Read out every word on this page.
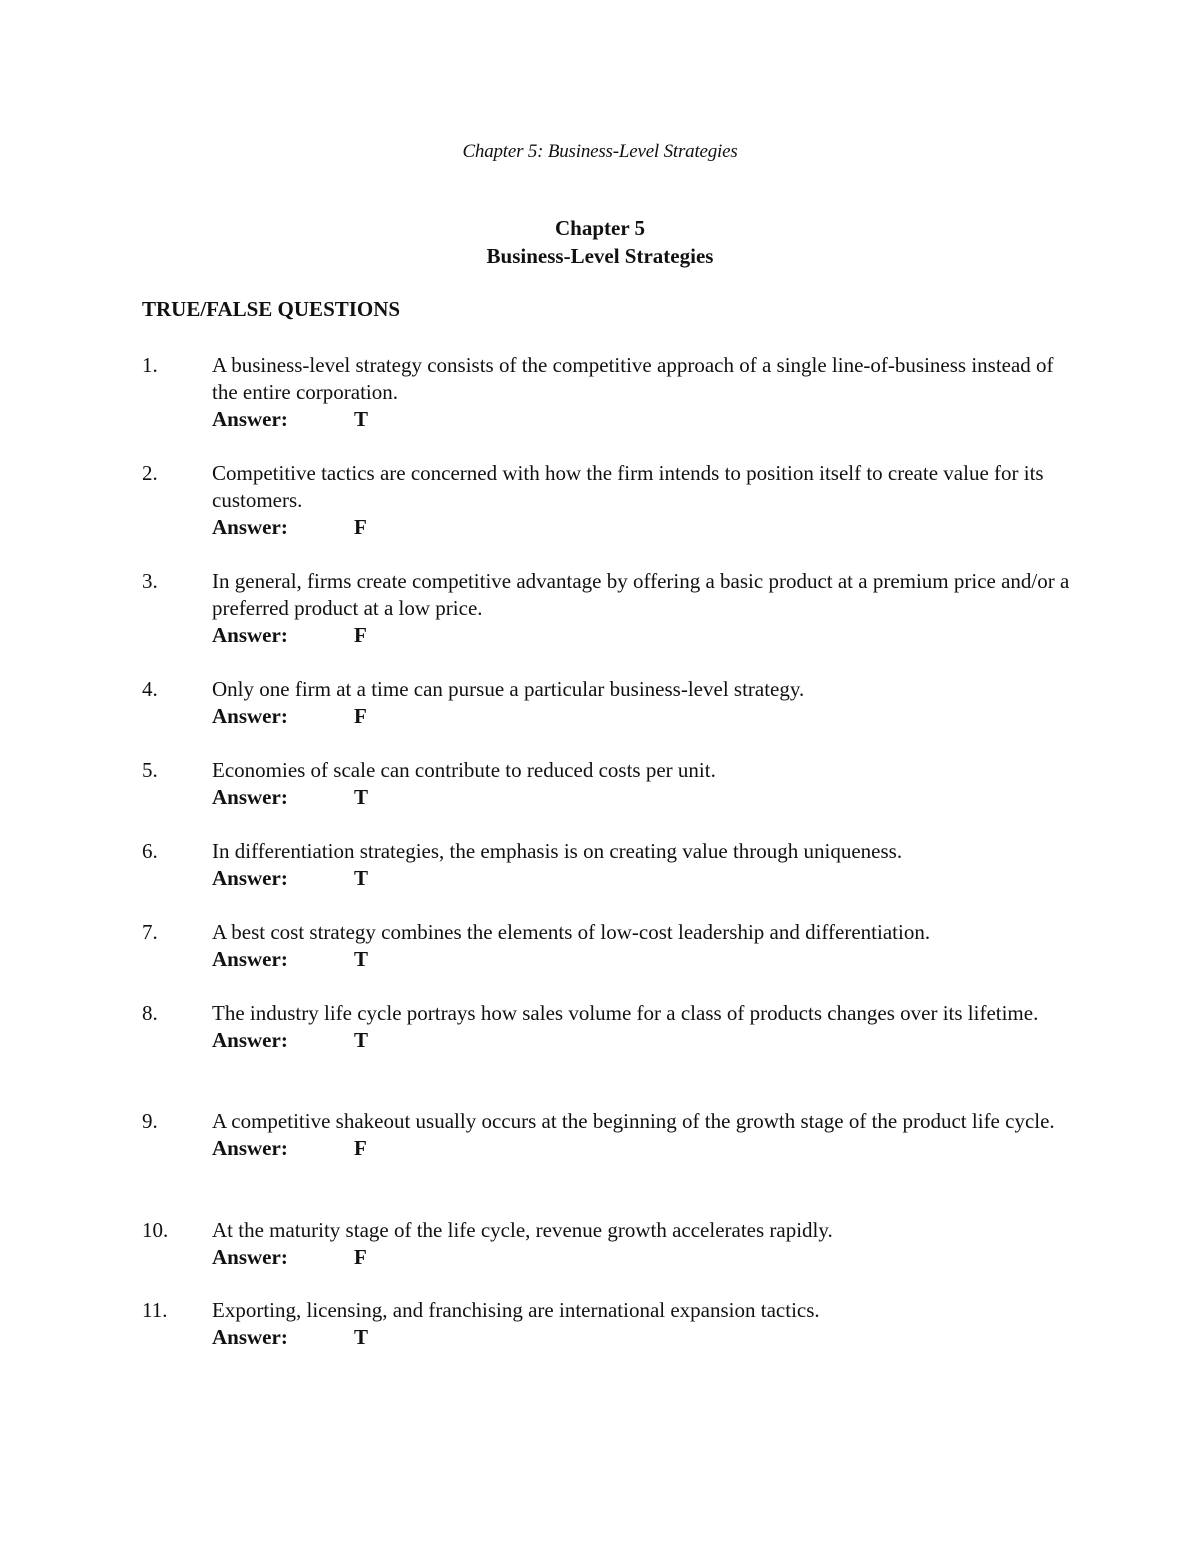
Chapter 5: Business-Level Strategies
Chapter 5
Business-Level Strategies
TRUE/FALSE QUESTIONS
1.	A business-level strategy consists of the competitive approach of a single line-of-business instead of the entire corporation.
Answer:	T
2.	Competitive tactics are concerned with how the firm intends to position itself to create value for its customers.
Answer:	F
3.	In general, firms create competitive advantage by offering a basic product at a premium price and/or a preferred product at a low price.
Answer:	F
4.	Only one firm at a time can pursue a particular business-level strategy.
Answer:	F
5.	Economies of scale can contribute to reduced costs per unit.
Answer:	T
6.	In differentiation strategies, the emphasis is on creating value through uniqueness.
Answer:	T
7.	A best cost strategy combines the elements of low-cost leadership and differentiation.
Answer:	T
8.	The industry life cycle portrays how sales volume for a class of products changes over its lifetime.
Answer:	T
9.	A competitive shakeout usually occurs at the beginning of the growth stage of the product life cycle.
Answer:	F
10. At the maturity stage of the life cycle, revenue growth accelerates rapidly.
Answer:	F
11. Exporting, licensing, and franchising are international expansion tactics.
Answer:	T
